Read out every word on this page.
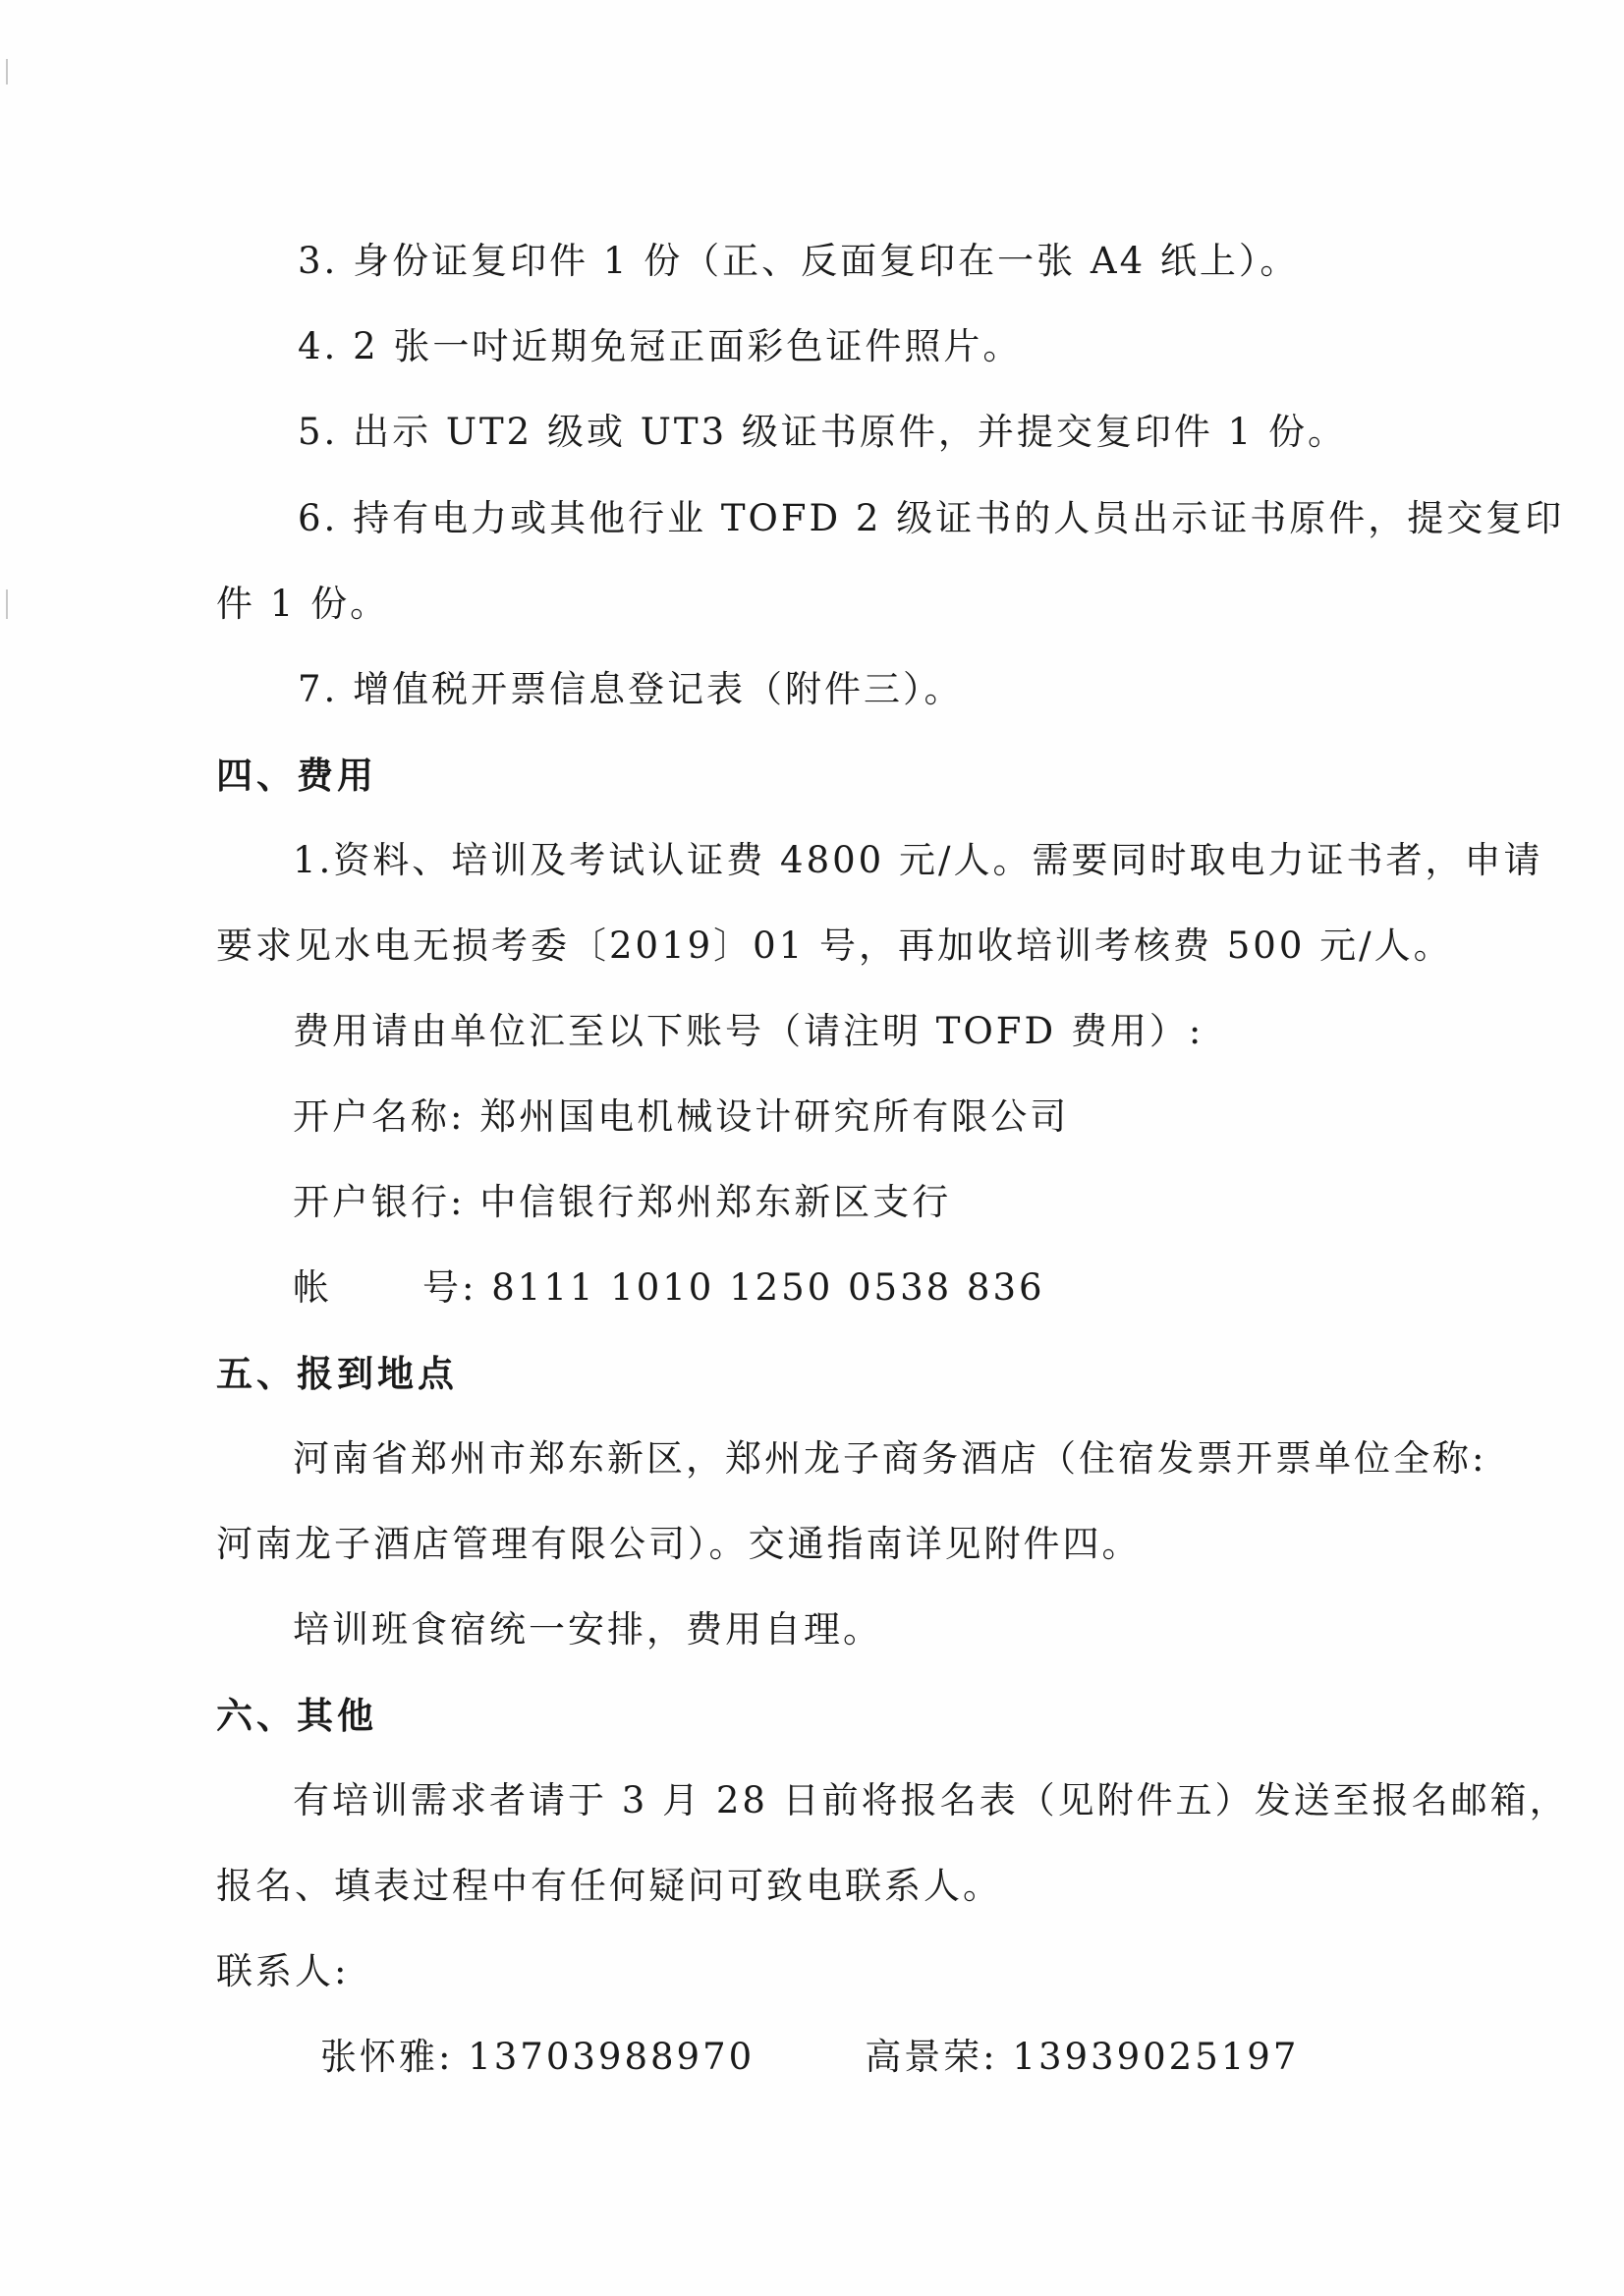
3. 身份证复印件 1 份（正、反面复印在一张 A4 纸上）。
4. 2 张一吋近期免冠正面彩色证件照片。
5. 出示 UT2 级或 UT3 级证书原件，并提交复印件 1 份。
6. 持有电力或其他行业 TOFD 2 级证书的人员出示证书原件，提交复印
件 1 份。
7. 增值税开票信息登记表（附件三）。
四、费用
1.资料、培训及考试认证费 4800 元/人。需要同时取电力证书者，申请
要求见水电无损考委〔2019〕01 号，再加收培训考核费 500 元/人。
费用请由单位汇至以下账号（请注明 TOFD 费用）:
开户名称: 郑州国电机械设计研究所有限公司
开户银行: 中信银行郑州郑东新区支行
帐 号: 8111 1010 1250 0538 836
五、报到地点
河南省郑州市郑东新区，郑州龙子商务酒店（住宿发票开票单位全称:
河南龙子酒店管理有限公司）。交通指南详见附件四。
培训班食宿统一安排，费用自理。
六、其他
有培训需求者请于 3 月 28 日前将报名表（见附件五）发送至报名邮箱，
报名、填表过程中有任何疑问可致电联系人。
联系人:
张怀雅: 13703988970	高景荣: 13939025197
